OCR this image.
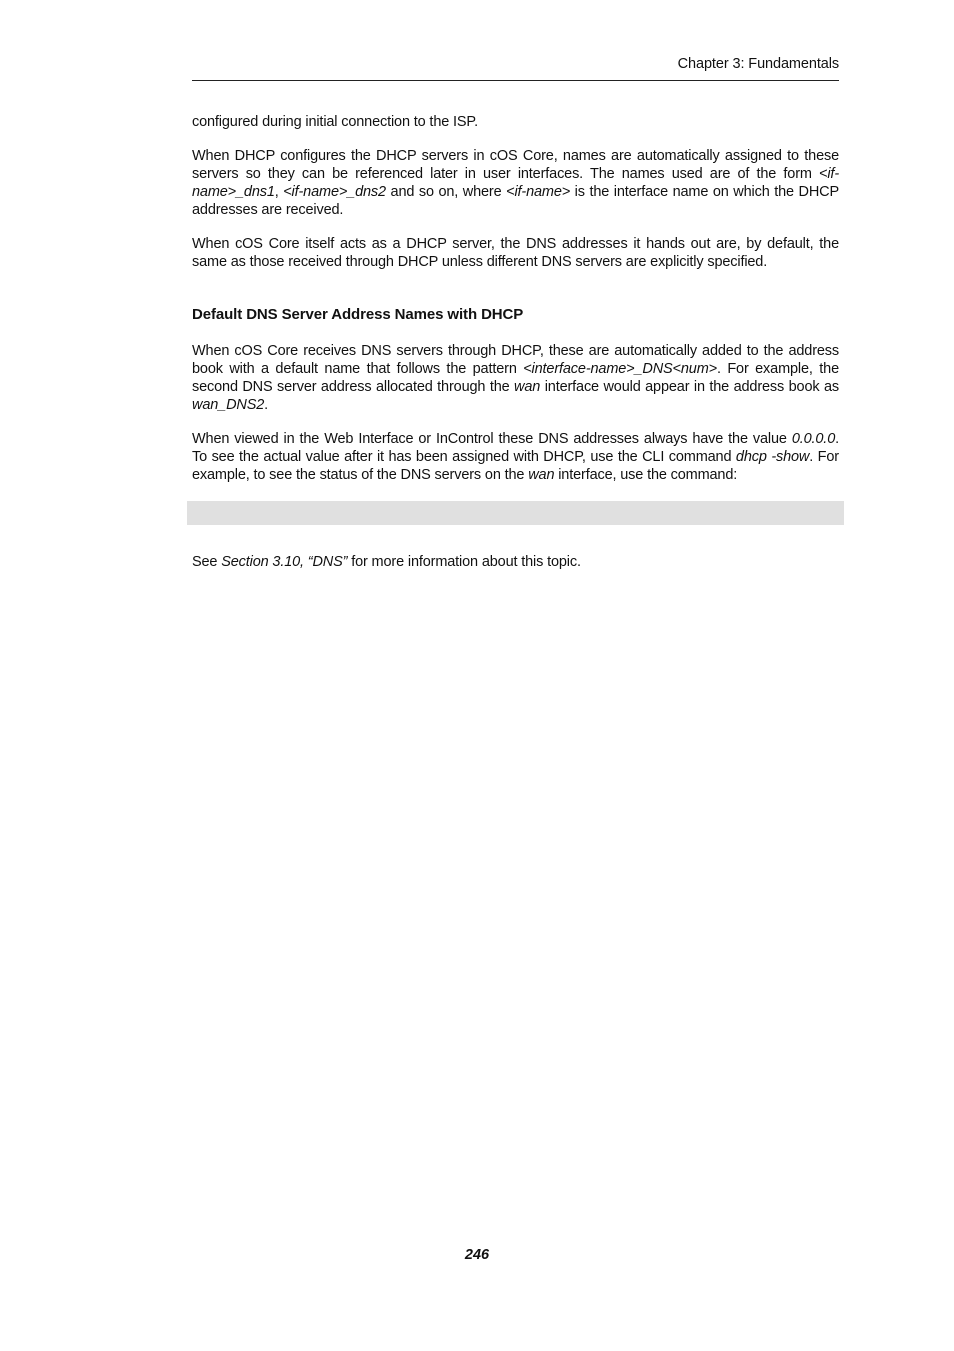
Chapter 3: Fundamentals

configured during initial connection to the ISP.

When DHCP configures the DHCP servers in cOS Core, names are automatically assigned to these servers so they can be referenced later in user interfaces. The names used are of the form <if-name>_dns1, <if-name>_dns2 and so on, where <if-name> is the interface name on which the DHCP addresses are received.

When cOS Core itself acts as a DHCP server, the DNS addresses it hands out are, by default, the same as those received through DHCP unless different DNS servers are explicitly specified.

Default DNS Server Address Names with DHCP

When cOS Core receives DNS servers through DHCP, these are automatically added to the address book with a default name that follows the pattern <interface-name>_DNS<num>. For example, the second DNS server address allocated through the wan interface would appear in the address book as wan_DNS2.

When viewed in the Web Interface or InControl these DNS addresses always have the value 0.0.0.0. To see the actual value after it has been assigned with DHCP, use the CLI command dhcp -show. For example, to see the status of the DNS servers on the wan interface, use the command:

See Section 3.10, “DNS” for more information about this topic.

246
